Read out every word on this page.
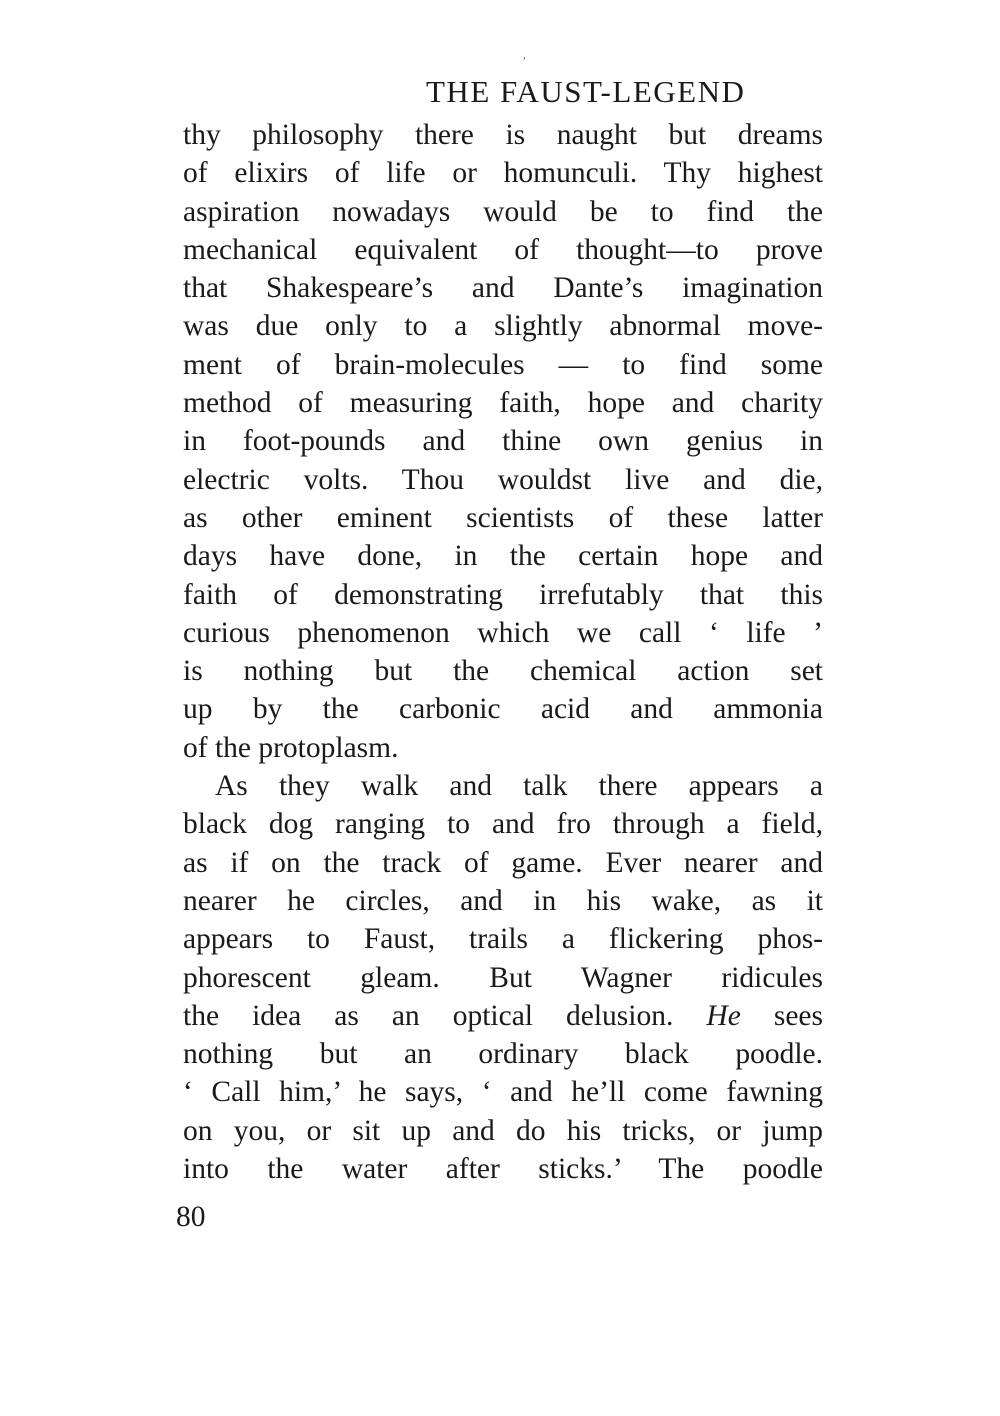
˒
THE FAUST-LEGEND
thy philosophy there is naught but dreams
of elixirs of life or homunculi. Thy highest
aspiration nowadays would be to find the
mechanical equivalent of thought—to prove
that Shakespeare’s and Dante’s imagination
was due only to a slightly abnormal move-
ment of brain-molecules — to find some
method of measuring faith, hope and charity
in foot-pounds and thine own genius in
electric volts. Thou wouldst live and die,
as other eminent scientists of these latter
days have done, in the certain hope and
faith of demonstrating irrefutably that this
curious phenomenon which we call ‘ life ’
is nothing but the chemical action set
up by the carbonic acid and ammonia
of the protoplasm.
As they walk and talk there appears a
black dog ranging to and fro through a field,
as if on the track of game. Ever nearer and
nearer he circles, and in his wake, as it
appears to Faust, trails a flickering phos-
phorescent gleam. But Wagner ridicules
the idea as an optical delusion. He sees
nothing but an ordinary black poodle.
‘ Call him,’ he says, ‘ and he’ll come fawning
on you, or sit up and do his tricks, or jump
into the water after sticks.’ The poodle
80
